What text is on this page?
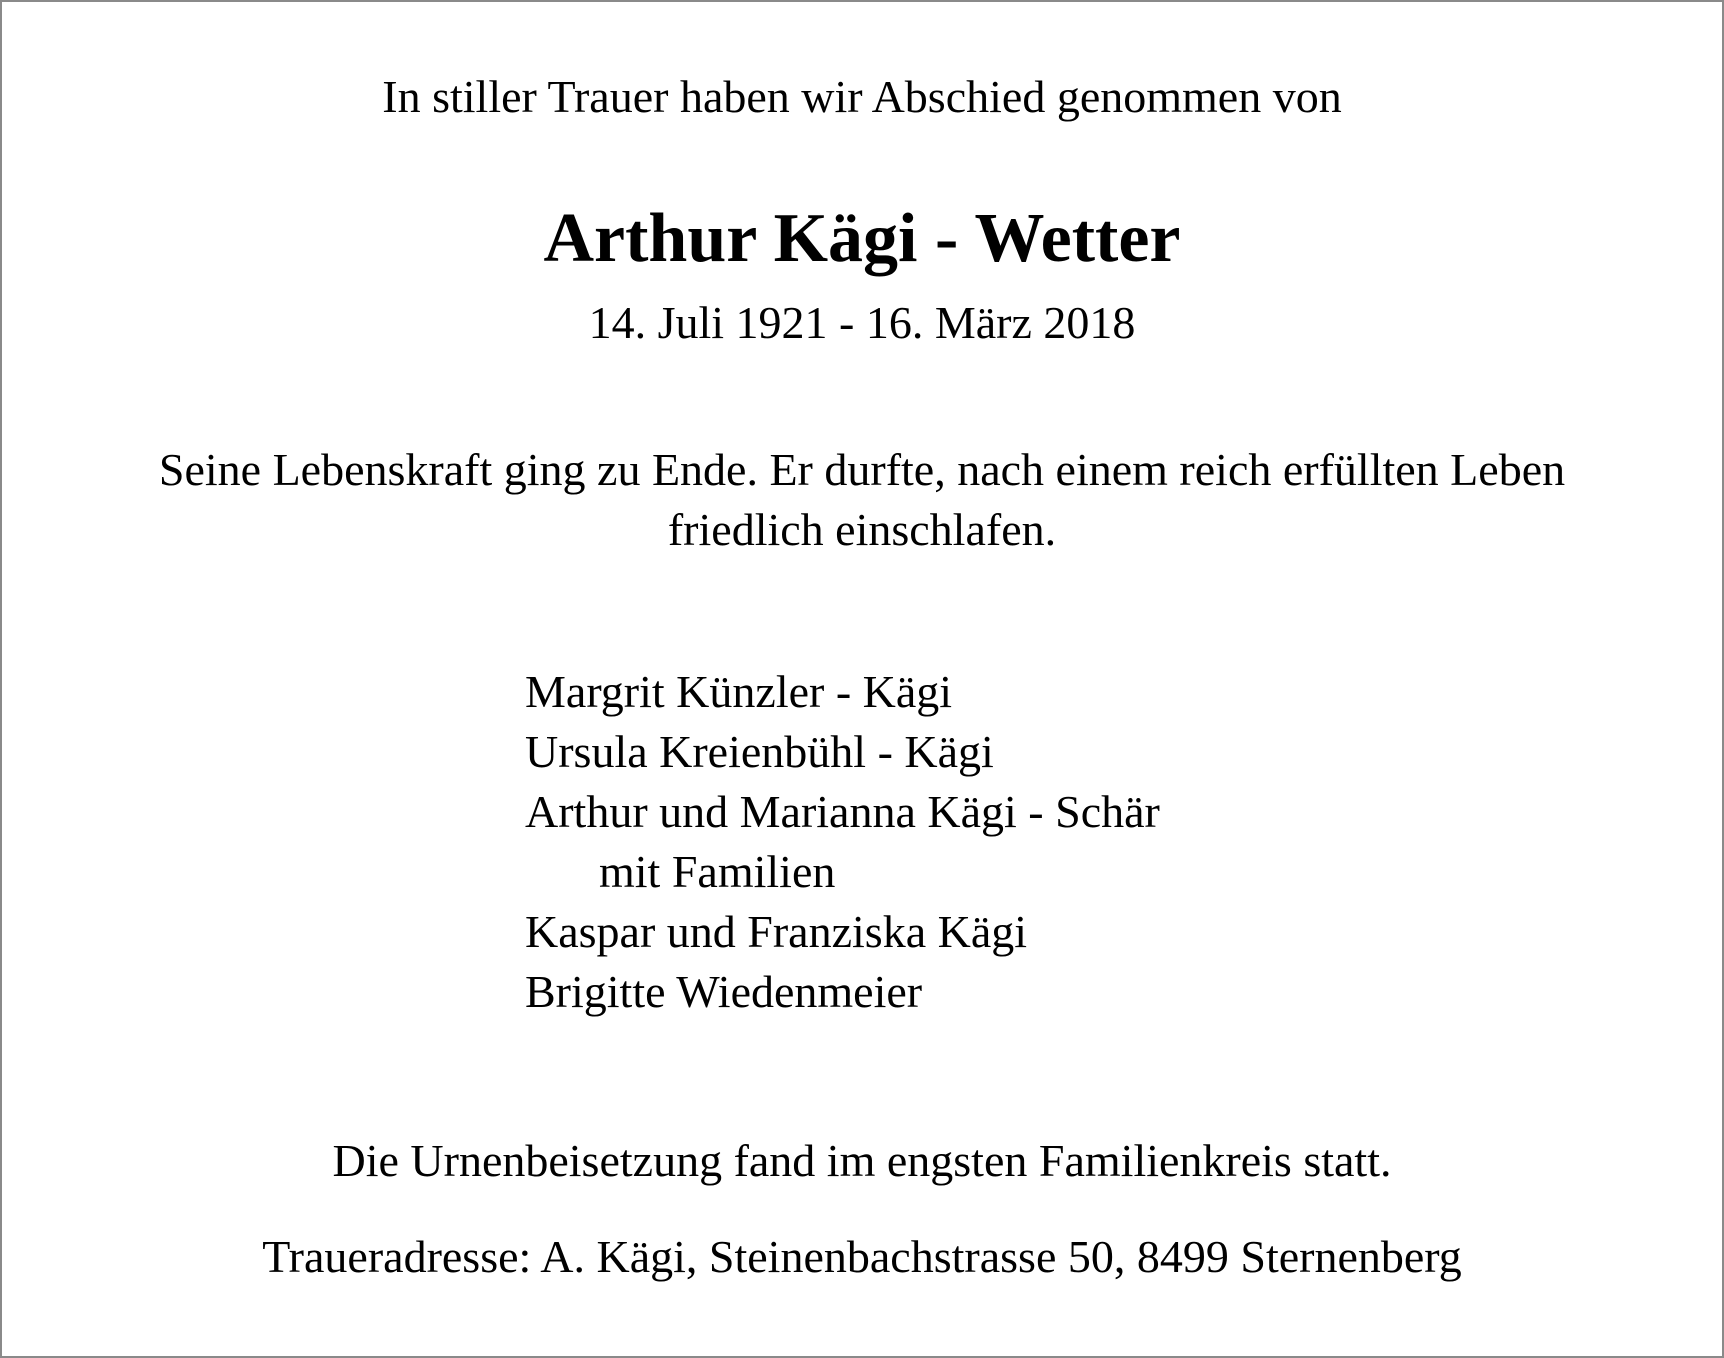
In stiller Trauer haben wir Abschied genommen von
Arthur Kägi - Wetter
14. Juli 1921 - 16. März 2018
Seine Lebenskraft ging zu Ende. Er durfte, nach einem reich erfüllten Leben
friedlich einschlafen.
Margrit Künzler - Kägi
Ursula Kreienbühl - Kägi
Arthur und Marianna Kägi - Schär
mit Familien
Kaspar und Franziska Kägi
Brigitte Wiedenmeier
Die Urnenbeisetzung fand im engsten Familienkreis statt.
Traueradresse: A. Kägi, Steinenbachstrasse 50, 8499 Sternenberg
